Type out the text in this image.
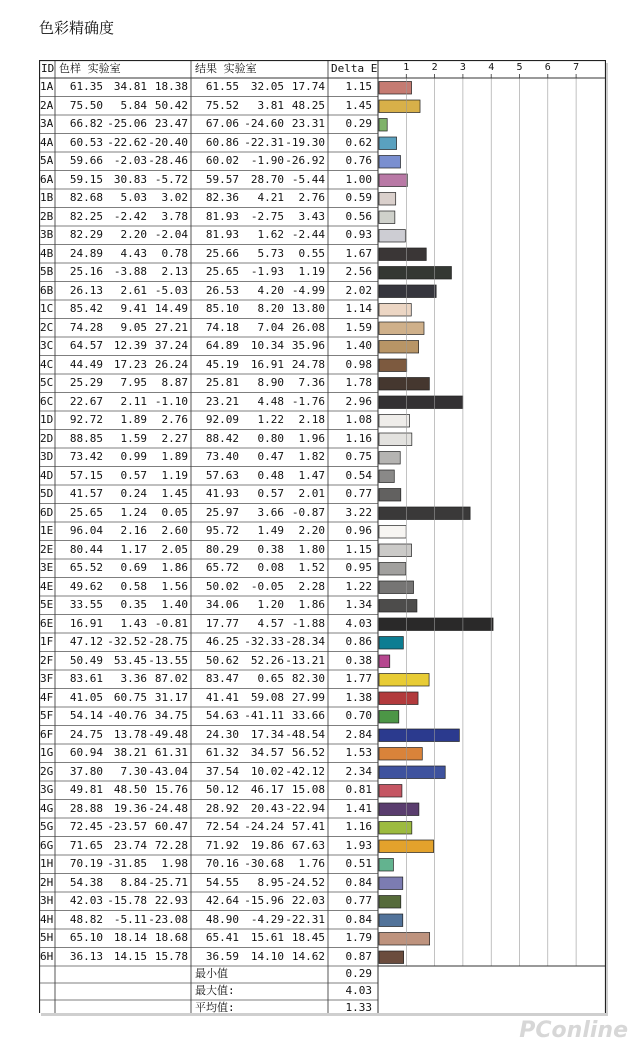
色彩精确度
ID 色样 实验室	结果 实验室	Delta E	1 2 3 4 5 6 7
1A 61.35 34.81 18.38 61.55 32.05 17.74 1.15
2A 75.50 5.84 50.42 75.52 3.81 48.25 1.45
3A 66.82 -25.06 23.47 67.06 -24.60 23.31 0.29
4A 60.53 -22.62 -20.40 60.86 -22.31 -19.30 0.62
5A 59.66 -2.03 -28.46 60.02 -1.90 -26.92 0.76
6A 59.15 30.83 -5.72 59.57 28.70 -5.44 1.00
1B 82.68 5.03 3.02 82.36 4.21 2.76 0.59
2B 82.25 -2.42 3.78 81.93 -2.75 3.43 0.56
3B 82.29 2.20 -2.04 81.93 1.62 -2.44 0.93
4B 24.89 4.43 0.78 25.66 5.73 0.55 1.67
5B 25.16 -3.88 2.13 25.65 -1.93 1.19 2.56
6B 26.13 2.61 -5.03 26.53 4.20 -4.99 2.02
1C 85.42 9.41 14.49 85.10 8.20 13.80 1.14
2C 74.28 9.05 27.21 74.18 7.04 26.08 1.59
3C 64.57 12.39 37.24 64.89 10.34 35.96 1.40
4C 44.49 17.23 26.24 45.19 16.91 24.78 0.98
5C 25.29 7.95 8.87 25.81 8.90 7.36 1.78
6C 22.67 2.11 -1.10 23.21 4.48 -1.76 2.96
1D 92.72 1.89 2.76 92.09 1.22 2.18 1.08
2D 88.85 1.59 2.27 88.42 0.80 1.96 1.16
3D 73.42 0.99 1.89 73.40 0.47 1.82 0.75
4D 57.15 0.57 1.19 57.63 0.48 1.47 0.54
5D 41.57 0.24 1.45 41.93 0.57 2.01 0.77
6D 25.65 1.24 0.05 25.97 3.66 -0.87 3.22
1E 96.04 2.16 2.60 95.72 1.49 2.20 0.96
2E 80.44 1.17 2.05 80.29 0.38 1.80 1.15
3E 65.52 0.69 1.86 65.72 0.08 1.52 0.95
4E 49.62 0.58 1.56 50.02 -0.05 2.28 1.22
5E 33.55 0.35 1.40 34.06 1.20 1.86 1.34
6E 16.91 1.43 -0.81 17.77 4.57 -1.88 4.03
1F 47.12 -32.52 -28.75 46.25 -32.33 -28.34 0.86
2F 50.49 53.45 -13.55 50.62 52.26 -13.21 0.38
3F 83.61 3.36 87.02 83.47 0.65 82.30 1.77
4F 41.05 60.75 31.17 41.41 59.08 27.99 1.38
5F 54.14 -40.76 34.75 54.63 -41.11 33.66 0.70
6F 24.75 13.78 -49.48 24.30 17.34 -48.54 2.84
1G 60.94 38.21 61.31 61.32 34.57 56.52 1.53
2G 37.80 7.30 -43.04 37.54 10.02 -42.12 2.34
3G 49.81 48.50 15.76 50.12 46.17 15.08 0.81
4G 28.88 19.36 -24.48 28.92 20.43 -22.94 1.41
5G 72.45 -23.57 60.47 72.54 -24.24 57.41 1.16
6G 71.65 23.74 72.28 71.92 19.86 67.63 1.93
1H 70.19 -31.85 1.98 70.16 -30.68 1.76 0.51
2H 54.38 8.84 -25.71 54.55 8.95 -24.52 0.84
3H 42.03 -15.78 22.93 42.64 -15.96 22.03 0.77
4H 48.82 -5.11 -23.08 48.90 -4.29 -22.31 0.84
5H 65.10 18.14 18.68 65.41 15.61 18.45 1.79
6H 36.13 14.15 15.78 36.59 14.10 14.62 0.87
最小值	0.29
最大值:	4.03
平均值:	1.33
PConline
